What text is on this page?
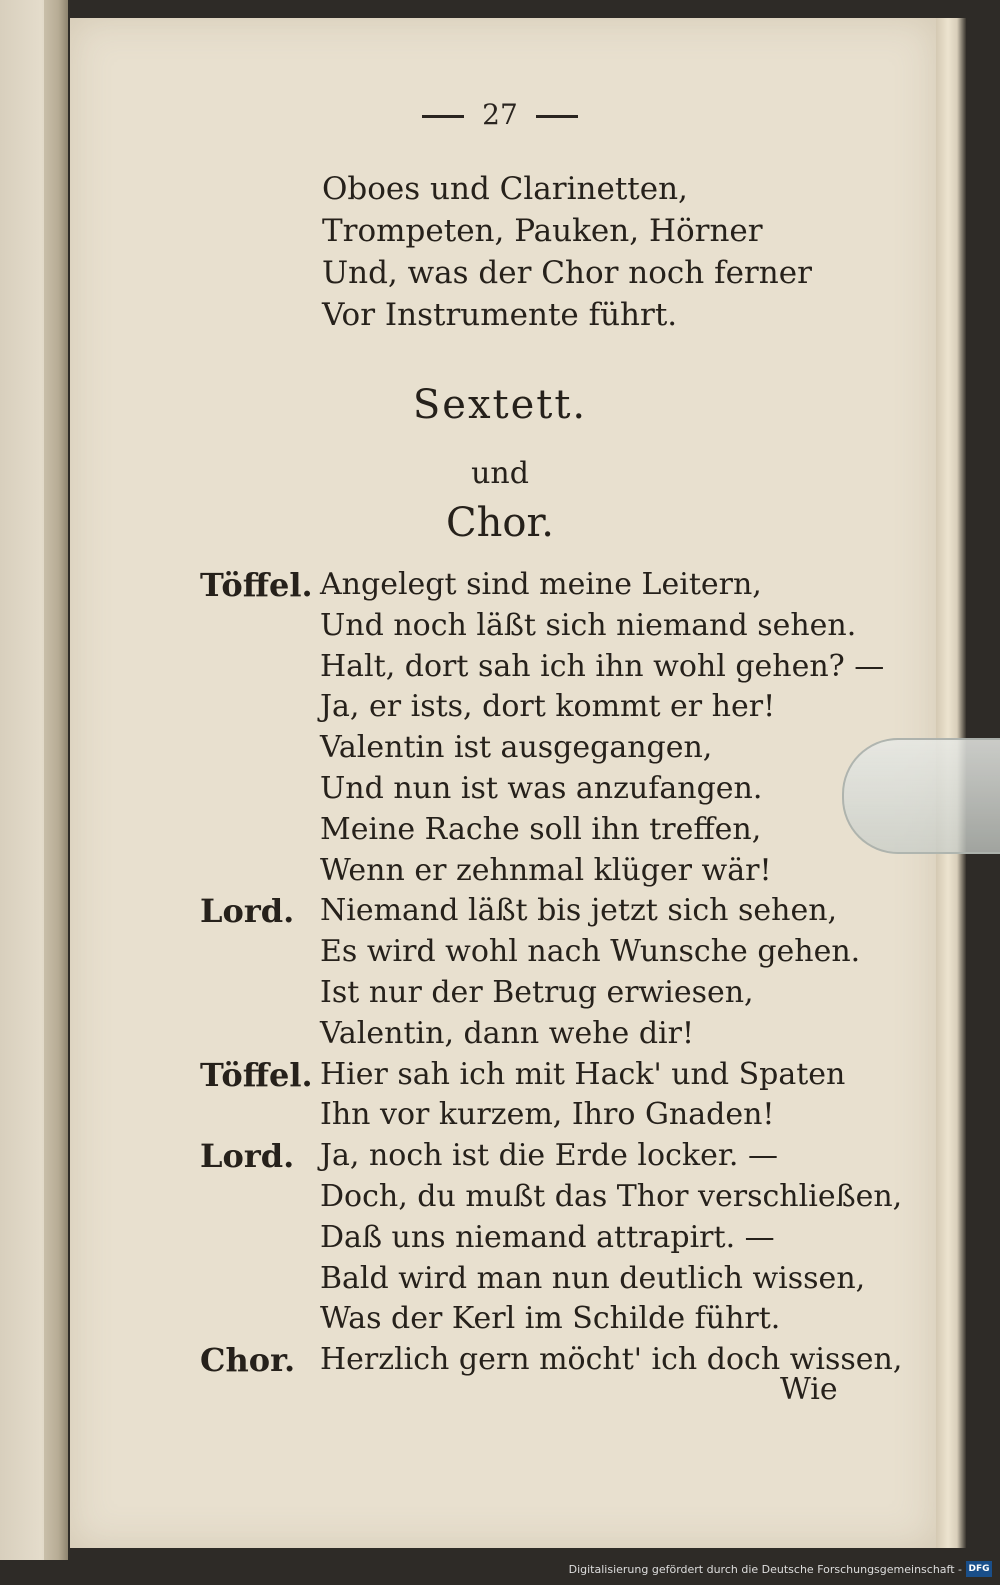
27
Oboes und Clarinetten,
Trompeten, Pauken, Hörner
Und, was der Chor noch ferner
Vor Instrumente führt.
Sextett.
und
Chor.
Töffel. Angelegt sind meine Leitern,
Und noch läßt sich niemand sehen.
Halt, dort sah ich ihn wohl gehen? —
Ja, er ists, dort kommt er her!
Valentin ist ausgegangen,
Und nun ist was anzufangen.
Meine Rache soll ihn treffen,
Wenn er zehnmal klüger wär!
Lord. Niemand läßt bis jetzt sich sehen,
Es wird wohl nach Wunsche gehen.
Ist nur der Betrug erwiesen,
Valentin, dann wehe dir!
Töffel. Hier sah ich mit Hack' und Spaten
Ihn vor kurzem, Ihro Gnaden!
Lord. Ja, noch ist die Erde locker. —
Doch, du mußt das Thor verschließen,
Daß uns niemand attrapirt. —
Bald wird man nun deutlich wissen,
Was der Kerl im Schilde führt.
Chor. Herzlich gern möcht' ich doch wissen,
Wie
Digitalisierung gefördert durch die Deutsche Forschungsgemeinschaft - DFG
